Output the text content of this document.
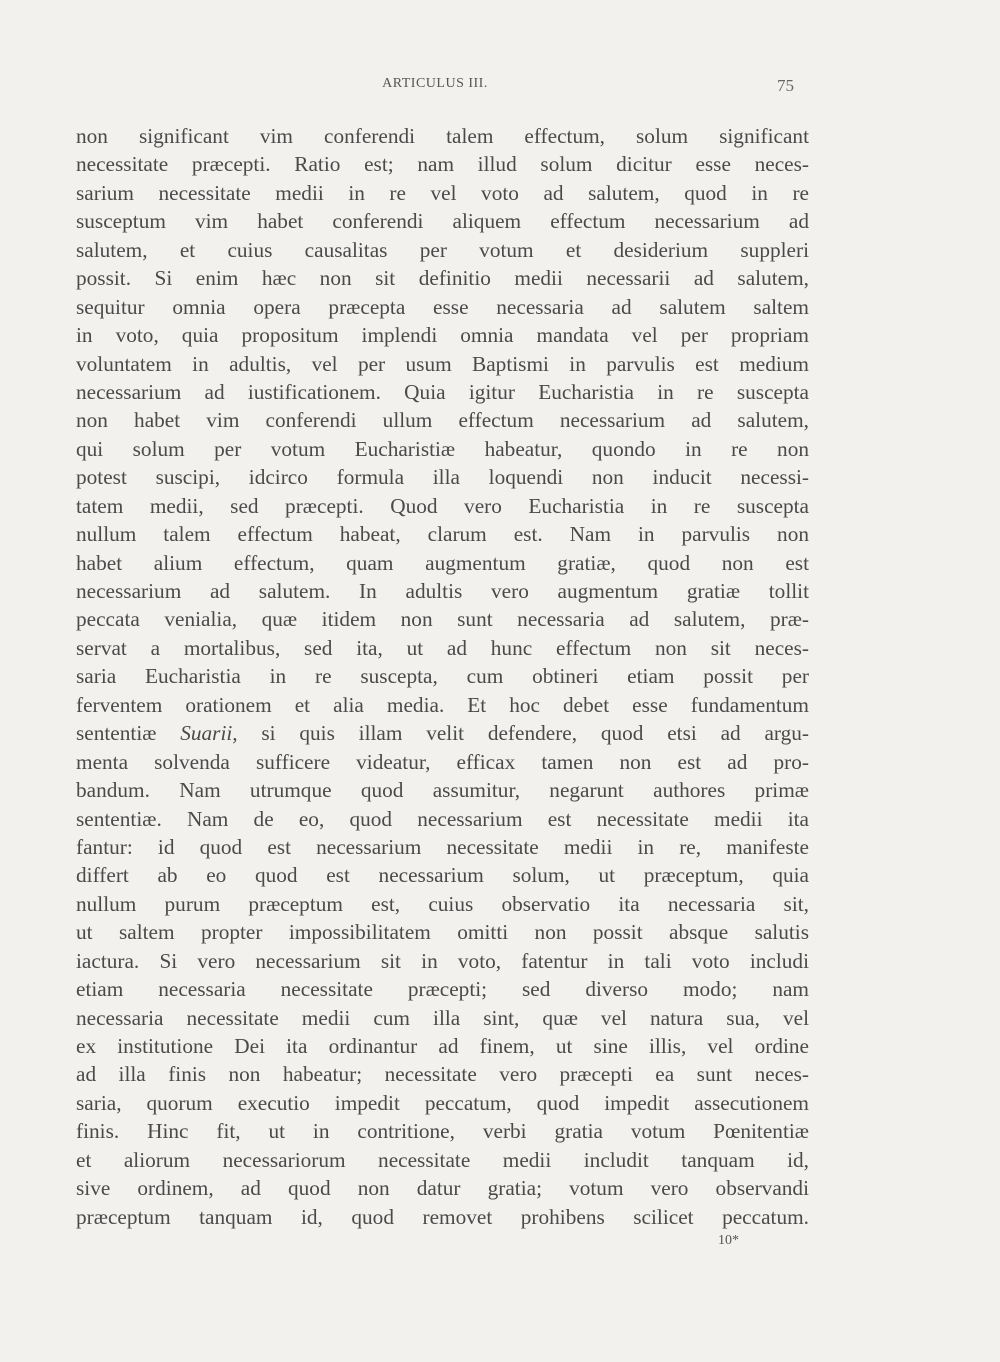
ARTICULUS III.	75
non significant vim conferendi talem effectum, solum significant
necessitate præcepti. Ratio est; nam illud solum dicitur esse neces-
sarium necessitate medii in re vel voto ad salutem, quod in re
susceptum vim habet conferendi aliquem effectum necessarium ad
salutem, et cuius causalitas per votum et desiderium suppleri
possit. Si enim hæc non sit definitio medii necessarii ad salutem,
sequitur omnia opera præcepta esse necessaria ad salutem saltem
in voto, quia propositum implendi omnia mandata vel per propriam
voluntatem in adultis, vel per usum Baptismi in parvulis est medium
necessarium ad iustificationem. Quia igitur Eucharistia in re suscepta
non habet vim conferendi ullum effectum necessarium ad salutem,
qui solum per votum Eucharistiæ habeatur, quondo in re non
potest suscipi, idcirco formula illa loquendi non inducit necessi-
tatem medii, sed præcepti. Quod vero Eucharistia in re suscepta
nullum talem effectum habeat, clarum est. Nam in parvulis non
habet alium effectum, quam augmentum gratiæ, quod non est
necessarium ad salutem. In adultis vero augmentum gratiæ tollit
peccata venialia, quæ itidem non sunt necessaria ad salutem, præ-
servat a mortalibus, sed ita, ut ad hunc effectum non sit neces-
saria Eucharistia in re suscepta, cum obtineri etiam possit per
ferventem orationem et alia media. Et hoc debet esse fundamentum
sententiæ Suarii, si quis illam velit defendere, quod etsi ad argu-
menta solvenda sufficere videatur, efficax tamen non est ad pro-
bandum. Nam utrumque quod assumitur, negarunt authores primæ
sententiæ. Nam de eo, quod necessarium est necessitate medii ita
fantur: id quod est necessarium necessitate medii in re, manifeste
differt ab eo quod est necessarium solum, ut præceptum, quia
nullum purum præceptum est, cuius observatio ita necessaria sit,
ut saltem propter impossibilitatem omitti non possit absque salutis
iactura. Si vero necessarium sit in voto, fatentur in tali voto includi
etiam necessaria necessitate præcepti; sed diverso modo; nam
necessaria necessitate medii cum illa sint, quæ vel natura sua, vel
ex institutione Dei ita ordinantur ad finem, ut sine illis, vel ordine
ad illa finis non habeatur; necessitate vero præcepti ea sunt neces-
saria, quorum executio impedit peccatum, quod impedit assecutionem
finis. Hinc fit, ut in contritione, verbi gratia votum Pœnitentiæ
et aliorum necessariorum necessitate medii includit tanquam id,
sive ordinem, ad quod non datur gratia; votum vero observandi
præceptum tanquam id, quod removet prohibens scilicet peccatum.
10*
